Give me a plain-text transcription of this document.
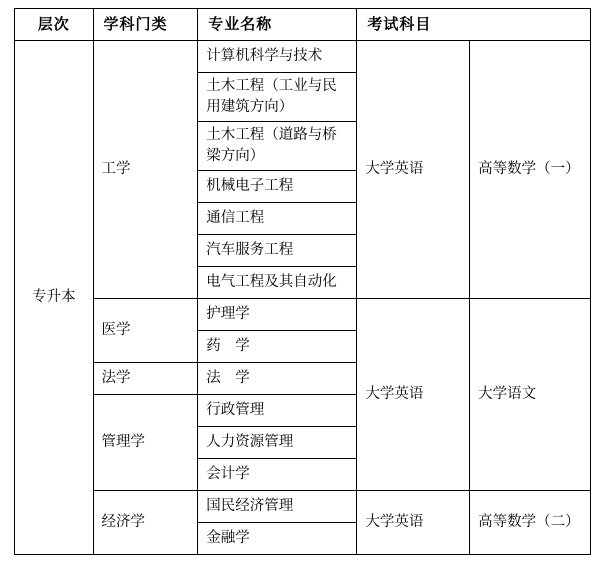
层次	学科门类	专业名称	考试科目	
专升本	工学	计算机科学与技术	大学英语	高等数学（一）
		土木工程（工业与民用建筑方向）		
		土木工程（道路与桥梁方向）		
		机械电子工程		
		通信工程		
		汽车服务工程		
		电气工程及其自动化		
	医学	护理学	大学英语	大学语文
		药　学		
	法学	法　学		
	管理学	行政管理		
		人力资源管理		
		会计学		
	经济学	国民经济管理	大学英语	高等数学（二）
		金融学		
